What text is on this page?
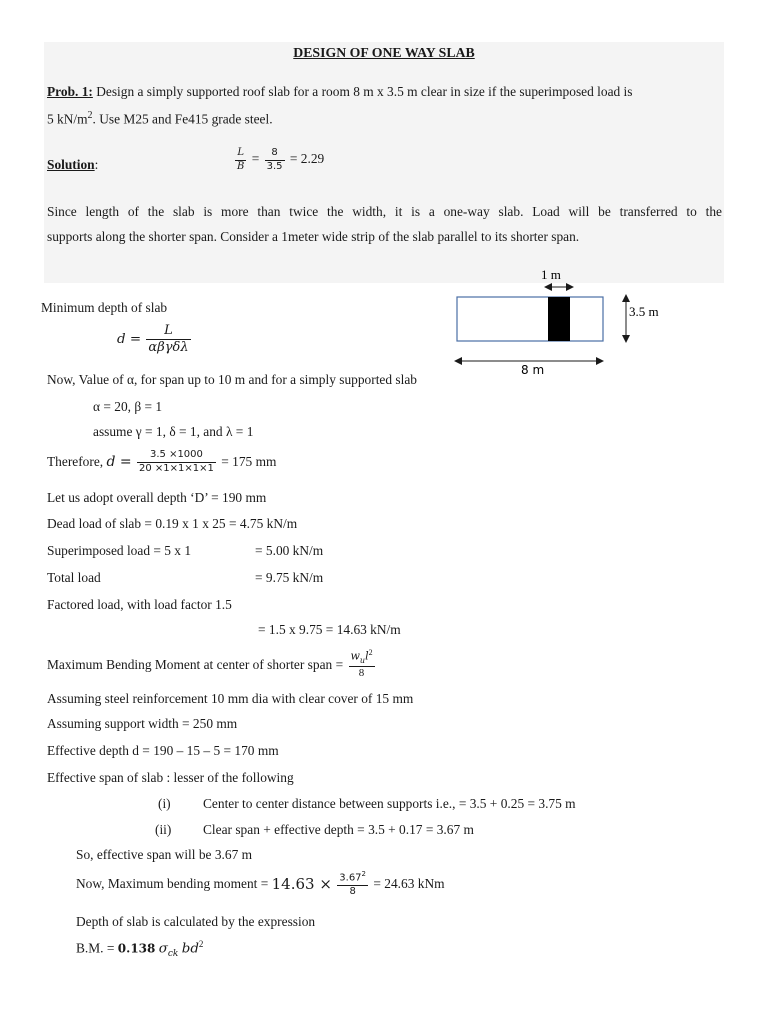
DESIGN OF ONE WAY SLAB
Prob. 1: Design a simply supported roof slab for a room 8 m x 3.5 m clear in size if the superimposed load is
5 $kN/m^2$. Use M25 and Fe415 grade steel.
Solution:	$\frac{L}{B} = \frac{8}{3.5} = 2.29$
Since length of the slab is more than twice the width, it is a one-way slab. Load will be transferred to the
supports along the shorter span. Consider a 1meter wide strip of the slab parallel to its shorter span.
1 m
3.5 m
8 m
Minimum depth of slab
$d = \frac{L}{\text{αβγδλ}}$
Now, Value of α, for span up to 10 m and for a simply supported slab
α = 20, β = 1
assume γ = 1, δ = 1, and λ = 1
Therefore, $d = \frac{3.5 \times 1000}{20 \times 1\times 1\times 1\times 1} = 175$ mm
Let us adopt overall depth ‘D’ = 190 mm
Dead load of slab = 0.19 x 1 x 25 = 4.75 kN/m
Superimposed load = 5 x 1	= 5.00 kN/m
Total load	= 9.75 kN/m
Factored load, with load factor 1.5
= 1.5 x 9.75 = 14.63 kN/m
Maximum Bending Moment at center of shorter span = $\frac{w_ul^2}{8}$
Assuming steel reinforcement 10 mm dia with clear cover of 15 mm
Assuming support width = 250 mm
Effective depth d = 190 – 15 – 5 = 170 mm
Effective span of slab : lesser of the following
(i) Center to center distance between supports i.e., = 3.5 + 0.25 = 3.75 m
(ii) Clear span + effective depth = 3.5 + 0.17 = 3.67 m
So, effective span will be 3.67 m
Now, Maximum bending moment = $14.63 \times \frac{3.67^2}{8} = 24.63$ kNm
Depth of slab is calculated by the expression
B.M. = 0.138 $\sigma_{ck}$ $bd^2$
